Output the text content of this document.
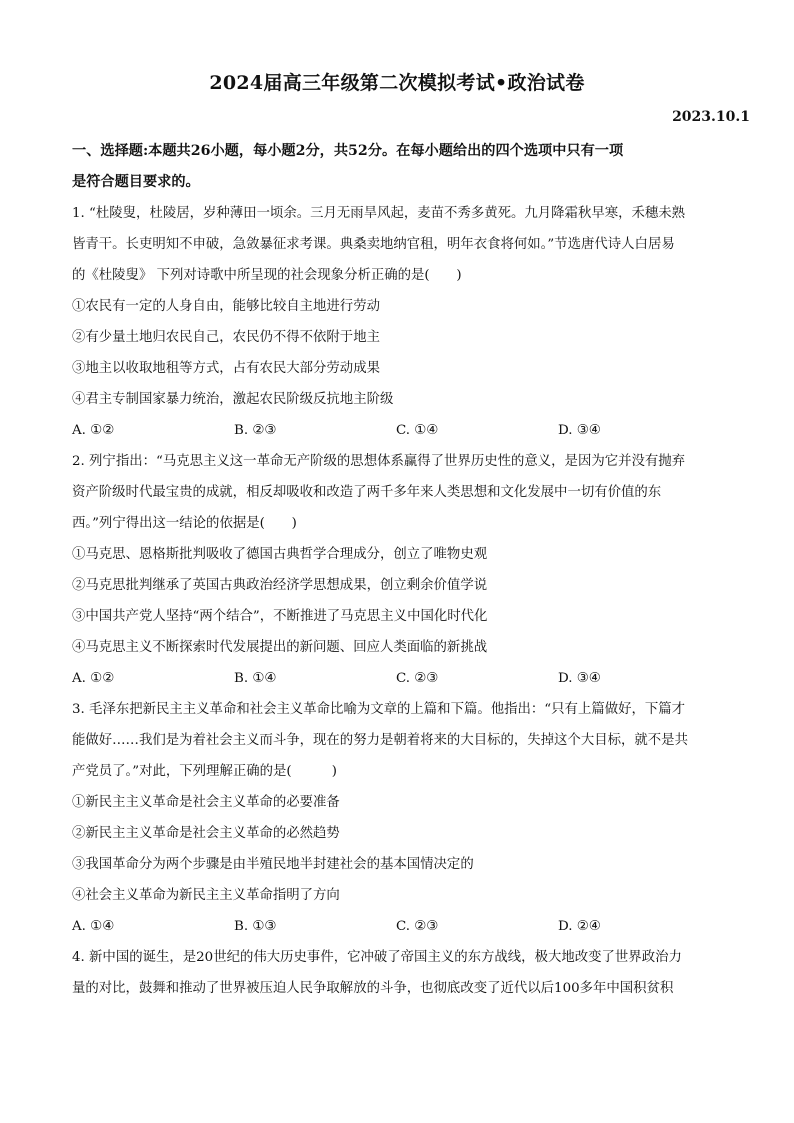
2024届高三年级第二次模拟考试•政治试卷
2023.10.1
一、选择题:本题共26小题，每小题2分，共52分。在每小题给出的四个选项中只有一项
是符合题目要求的。
1. “杜陵叟，杜陵居，岁种薄田一顷余。三月无雨旱风起，麦苗不秀多黄死。九月降霜秋早寒，禾穗未熟
皆青干。长吏明知不申破，急敛暴征求考课。典桑卖地纳官租，明年衣食将何如。”节选唐代诗人白居易
的《杜陵叟》 下列对诗歌中所呈现的社会现象分析正确的是(　　)
①农民有一定的人身自由，能够比较自主地进行劳动
②有少量土地归农民自己，农民仍不得不依附于地主
③地主以收取地租等方式，占有农民大部分劳动成果
④君主专制国家暴力统治，激起农民阶级反抗地主阶级
A. ①②	B. ②③	C. ①④	D. ③④
2. 列宁指出：“马克思主义这一革命无产阶级的思想体系赢得了世界历史性的意义，是因为它并没有抛弃
资产阶级时代最宝贵的成就，相反却吸收和改造了两千多年来人类思想和文化发展中一切有价值的东
西。”列宁得出这一结论的依据是(　　)
①马克思、恩格斯批判吸收了德国古典哲学合理成分，创立了唯物史观
②马克思批判继承了英国古典政治经济学思想成果，创立剩余价值学说
③中国共产党人坚持“两个结合”，不断推进了马克思主义中国化时代化
④马克思主义不断探索时代发展提出的新问题、回应人类面临的新挑战
A. ①②	B. ①④	C. ②③	D. ③④
3. 毛泽东把新民主主义革命和社会主义革命比喻为文章的上篇和下篇。他指出：“只有上篇做好，下篇才
能做好……我们是为着社会主义而斗争，现在的努力是朝着将来的大目标的，失掉这个大目标，就不是共
产党员了。”对此，下列理解正确的是(　　　)
①新民主主义革命是社会主义革命的必要准备
②新民主主义革命是社会主义革命的必然趋势
③我国革命分为两个步骤是由半殖民地半封建社会的基本国情决定的
④社会主义革命为新民主主义革命指明了方向
A. ①④	B. ①③	C. ②③	D. ②④
4. 新中国的诞生，是20世纪的伟大历史事件，它冲破了帝国主义的东方战线，极大地改变了世界政治力
量的对比，鼓舞和推动了世界被压迫人民争取解放的斗争，也彻底改变了近代以后100多年中国积贫积
